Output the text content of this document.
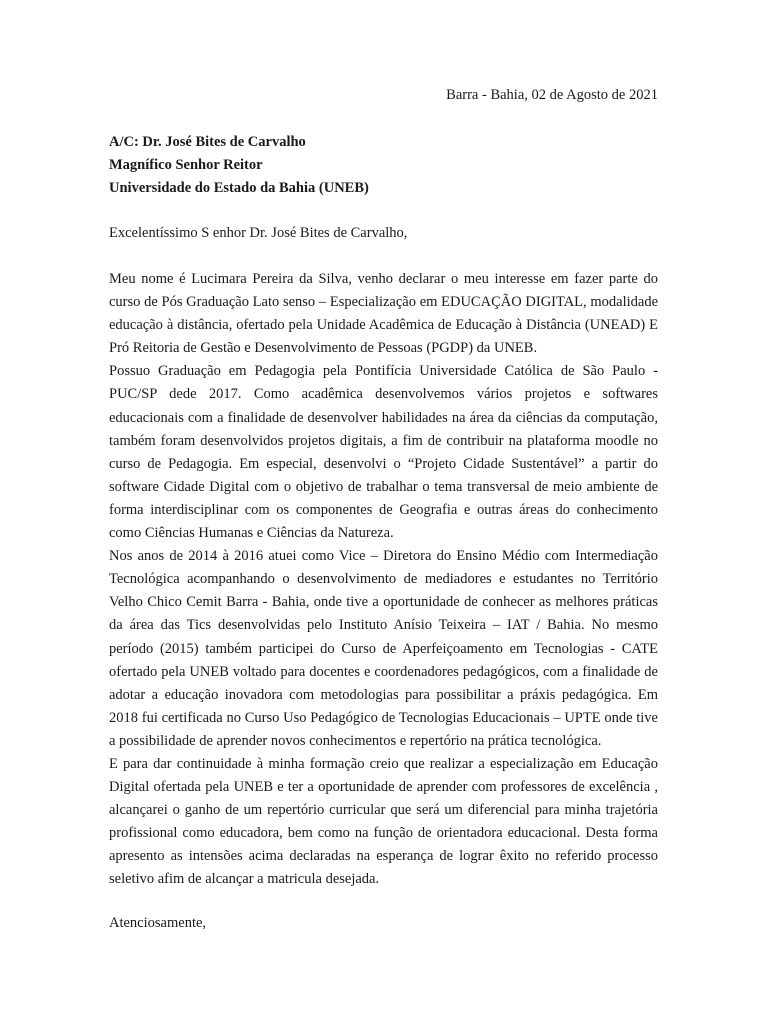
Barra - Bahia, 02 de Agosto de 2021
A/C: Dr. José Bites de Carvalho
Magnífico Senhor Reitor
Universidade do Estado da Bahia (UNEB)
Excelentíssimo S enhor Dr. José Bites de Carvalho,

Meu nome é Lucimara Pereira da Silva, venho declarar o meu interesse em fazer parte do curso de Pós Graduação Lato senso – Especialização em EDUCAÇÃO DIGITAL, modalidade educação à distância, ofertado pela Unidade Acadêmica de Educação à Distância (UNEAD) E Pró Reitoria de Gestão e Desenvolvimento de Pessoas (PGDP) da UNEB.

Possuo Graduação em Pedagogia pela Pontifícia Universidade Católica de São Paulo - PUC/SP dede 2017. Como acadêmica desenvolvemos vários projetos e softwares educacionais com a finalidade de desenvolver habilidades na área da ciências da computação, também foram desenvolvidos projetos digitais, a fim de contribuir na plataforma moodle no curso de Pedagogia. Em especial, desenvolvi o “Projeto Cidade Sustentável” a partir do software Cidade Digital com o objetivo de trabalhar o tema transversal de meio ambiente de forma interdisciplinar com os componentes de Geografia e outras áreas do conhecimento como Ciências Humanas e Ciências da Natureza.

Nos anos de 2014 à 2016 atuei como Vice – Diretora do Ensino Médio com Intermediação Tecnológica acompanhando o desenvolvimento de mediadores e estudantes no Território Velho Chico Cemit Barra - Bahia, onde tive a oportunidade de conhecer as melhores práticas da área das Tics desenvolvidas pelo Instituto Anísio Teixeira – IAT / Bahia. No mesmo período (2015) também participei do Curso de Aperfeiçoamento em Tecnologias - CATE ofertado pela UNEB voltado para docentes e coordenadores pedagógicos, com a finalidade de adotar a educação inovadora com metodologias para possibilitar a práxis pedagógica. Em 2018 fui certificada no Curso Uso Pedagógico de Tecnologias Educacionais – UPTE onde tive a possibilidade de aprender novos conhecimentos e repertório na prática tecnológica.

E para dar continuidade à minha formação creio que realizar a especialização em Educação Digital ofertada pela UNEB e ter a oportunidade de aprender com professores de excelência , alcançarei o ganho de um repertório curricular que será um diferencial para minha trajetória profissional como educadora, bem como na função de orientadora educacional. Desta forma apresento as intensões acima declaradas na esperança de lograr êxito no referido processo seletivo afim de alcançar a matricula desejada.

Atenciosamente,
